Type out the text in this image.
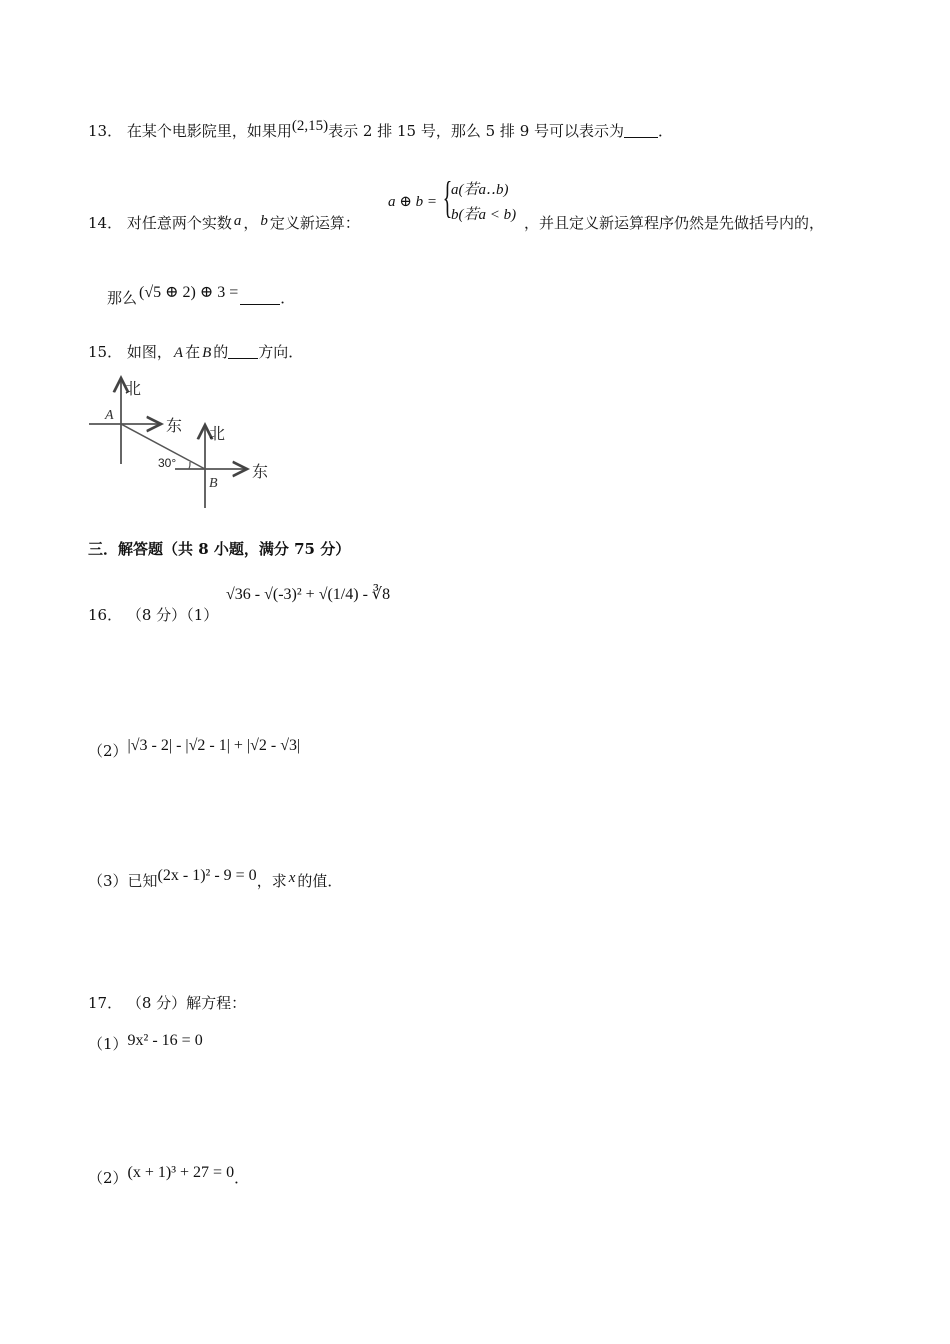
13． 在某个电影院里，如果用(2,15)表示 2 排 15 号，那么 5 排 9 号可以表示为 ．
14． 对任意两个实数 a ， b 定义新运算：
a ⊕ b = {
a(若a‥b)
b(若a < b) ，并且定义新运算程序仍然是先做括号内的，
那么 (√5 ⊕ 2) ⊕ 3 =	．
15． 如图， A 在 B 的 方向．
北
东 北
东
A
B
30°
三．解答题（共 8 小题，满分 75 分）
16． （8 分）（1）
√36 - √(-3)² + √(1/4) - ∛8
（2）|√3 - 2| - |√2 - 1| + |√2 - √3|
（3）已知(2x - 1)² - 9 = 0，求 x 的值．
17． （8 分）解方程：
（1）9x² - 16 = 0
（2）(x + 1)³ + 27 = 0．
